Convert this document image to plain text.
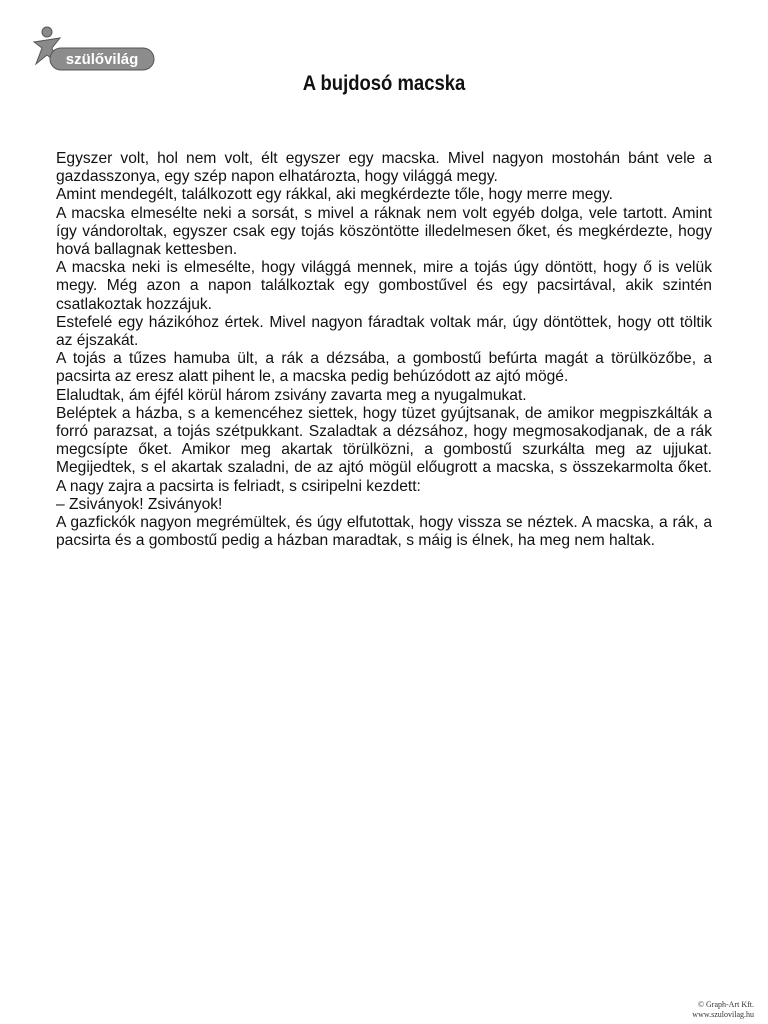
szülővilág
A bujdosó macska

Egyszer volt, hol nem volt, élt egyszer egy macska. Mivel nagyon mostohán bánt vele a gazdasszonya, egy szép napon elhatározta, hogy világgá megy.

Amint mendegélt, találkozott egy rákkal, aki megkérdezte tőle, hogy merre megy.

A macska elmesélte neki a sorsát, s mivel a ráknak nem volt egyéb dolga, vele tartott. Amint így vándoroltak, egyszer csak egy tojás köszöntötte illedelmesen őket, és megkérdezte, hogy hová ballagnak kettesben.

A macska neki is elmesélte, hogy világgá mennek, mire a tojás úgy döntött, hogy ő is velük megy. Még azon a napon találkoztak egy gombostűvel és egy pacsirtával, akik szintén csatlakoztak hozzájuk.

Estefelé egy házikóhoz értek. Mivel nagyon fáradtak voltak már, úgy döntöttek, hogy ott töltik az éjszakát.

A tojás a tűzes hamuba ült, a rák a dézsába, a gombostű befúrta magát a törülközőbe, a pacsirta az eresz alatt pihent le, a macska pedig behúzódott az ajtó mögé.

Elaludtak, ám éjfél körül három zsivány zavarta meg a nyugalmukat.

Beléptek a házba, s a kemencéhez siettek, hogy tüzet gyújtsanak, de amikor megpiszkálták a forró parazsat, a tojás szétpukkant. Szaladtak a dézsához, hogy megmosakodjanak, de a rák megcsípte őket. Amikor meg akartak törülközni, a gombostű szurkálta meg az ujjukat. Megijedtek, s el akartak szaladni, de az ajtó mögül előugrott a macska, s összekarmolta őket. A nagy zajra a pacsirta is felriadt, s csiripelni kezdett:

– Zsiványok! Zsiványok!

A gazfickók nagyon megrémültek, és úgy elfutottak, hogy vissza se néztek. A macska, a rák, a pacsirta és a gombostű pedig a házban maradtak, s máig is élnek, ha meg nem haltak.

© Graph-Art Kft.
www.szulovilag.hu
